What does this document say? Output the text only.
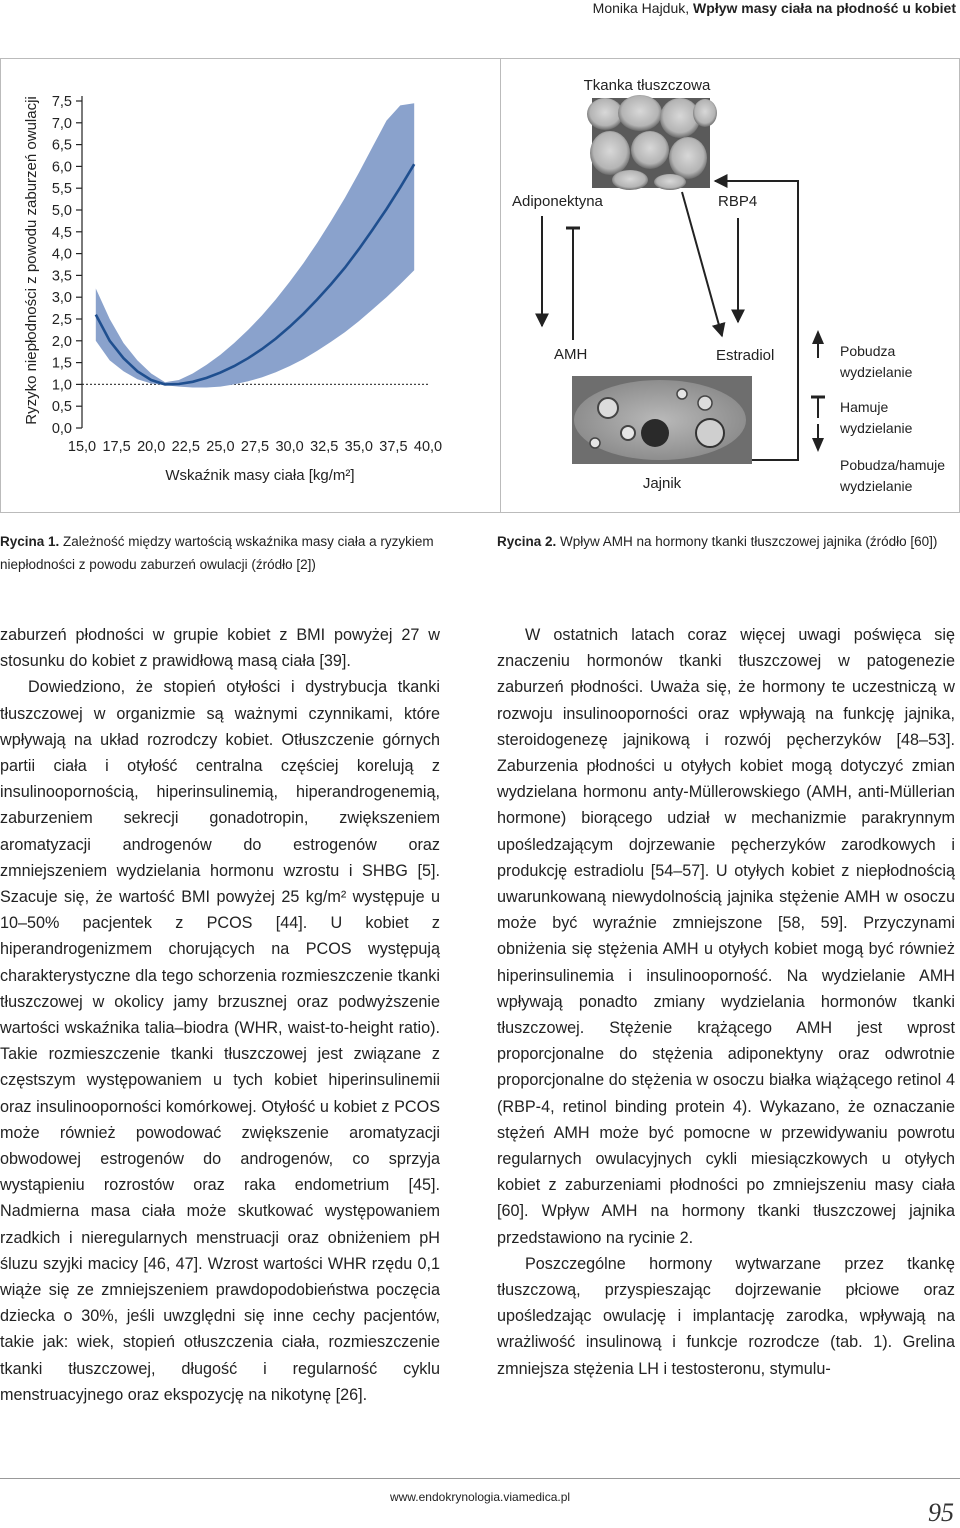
Monika Hajduk, Wpływ masy ciała na płodność u kobiet
Ryzyko niepłodności z powodu zaburzeń owulacji
0,0
0,5
1,0
1,5
2,0
2,5
3,0
3,5
4,0
4,5
5,0
5,5
6,0
6,5
7,0
7,5
15,0 17,5 20,0 22,5 25,0 27,5 30,0 32,5 35,0 37,5 40,0
Wskaźnik masy ciała [kg/m²]
Tkanka tłuszczowa
Adiponektyna	RBP4
AMH	Estradiol
Jajnik
Pobudza
wydzielanie
Hamuje
wydzielanie
Pobudza/hamuje
wydzielanie
Rycina 1. Zależność między wartością wskaźnika masy ciała a ryzykiem niepłodności z powodu zaburzeń owulacji (źródło [2])
Rycina 2. Wpływ AMH na hormony tkanki tłuszczowej jajnika (źródło [60])

zaburzeń płodności w grupie kobiet z BMI powyżej 27 w stosunku do kobiet z prawidłową masą ciała [39].

Dowiedziono, że stopień otyłości i dystrybucja tkanki tłuszczowej w organizmie są ważnymi czynnikami, które wpływają na układ rozrodczy kobiet. Otłuszczenie górnych partii ciała i otyłość centralna częściej korelują z insulinoopornością, hiperinsulinemią, hiperandrogenemią, zaburzeniem sekrecji gonadotropin, zwiększeniem aromatyzacji androgenów do estrogenów oraz zmniejszeniem wydzielania hormonu wzrostu i SHBG [5]. Szacuje się, że wartość BMI powyżej 25 kg/m² występuje u 10–50% pacjentek z PCOS [44]. U kobiet z hiperandrogenizmem chorujących na PCOS występują charakterystyczne dla tego schorzenia rozmieszczenie tkanki tłuszczowej w okolicy jamy brzusznej oraz podwyższenie wartości wskaźnika talia–biodra (WHR, waist-to-height ratio). Takie rozmieszczenie tkanki tłuszczowej jest związane z częstszym występowaniem u tych kobiet hiperinsulinemii oraz insulinooporności komórkowej. Otyłość u kobiet z PCOS może również powodować zwiększenie aromatyzacji obwodowej estrogenów do androgenów, co sprzyja wystąpieniu rozrostów oraz raka endometrium [45]. Nadmierna masa ciała może skutkować występowaniem rzadkich i nieregularnych menstruacji oraz obniżeniem pH śluzu szyjki macicy [46, 47]. Wzrost wartości WHR rzędu 0,1 wiąże się ze zmniejszeniem prawdopodobieństwa poczęcia dziecka o 30%, jeśli uwzględni się inne cechy pacjentów, takie jak: wiek, stopień otłuszczenia ciała, rozmieszczenie tkanki tłuszczowej, długość i regularność cyklu menstruacyjnego oraz ekspozycję na nikotynę [26].

W ostatnich latach coraz więcej uwagi poświęca się znaczeniu hormonów tkanki tłuszczowej w patogenezie zaburzeń płodności. Uważa się, że hormony te uczestniczą w rozwoju insulinooporności oraz wpływają na funkcję jajnika, steroidogenezę jajnikową i rozwój pęcherzyków [48–53]. Zaburzenia płodności u otyłych kobiet mogą dotyczyć zmian wydzielana hormonu anty-Müllerowskiego (AMH, anti-Müllerian hormone) biorącego udział w mechanizmie parakrynnym upośledzającym dojrzewanie pęcherzyków zarodkowych i produkcję estradiolu [54–57]. U otyłych kobiet z niepłodnością uwarunkowaną niewydolnością jajnika stężenie AMH w osoczu może być wyraźnie zmniejszone [58, 59]. Przyczynami obniżenia się stężenia AMH u otyłych kobiet mogą być również hiperinsulinemia i insulinooporność. Na wydzielanie AMH wpływają ponadto zmiany wydzielania hormonów tkanki tłuszczowej. Stężenie krążącego AMH jest wprost proporcjonalne do stężenia adiponektyny oraz odwrotnie proporcjonalne do stężenia w osoczu białka wiążącego retinol 4 (RBP-4, retinol binding protein 4). Wykazano, że oznaczanie stężeń AMH może być pomocne w przewidywaniu powrotu regularnych owulacyjnych cykli miesiączkowych u otyłych kobiet z zaburzeniami płodności po zmniejszeniu masy ciała [60]. Wpływ AMH na hormony tkanki tłuszczowej jajnika przedstawiono na rycinie 2.

Poszczególne hormony wytwarzane przez tkankę tłuszczową, przyspieszając dojrzewanie płciowe oraz upośledzając owulację i implantację zarodka, wpływają na wrażliwość insulinową i funkcje rozrodcze (tab. 1). Grelina zmniejsza stężenia LH i testosteronu, stymulu-

www.endokrynologia.viamedica.pl
95
